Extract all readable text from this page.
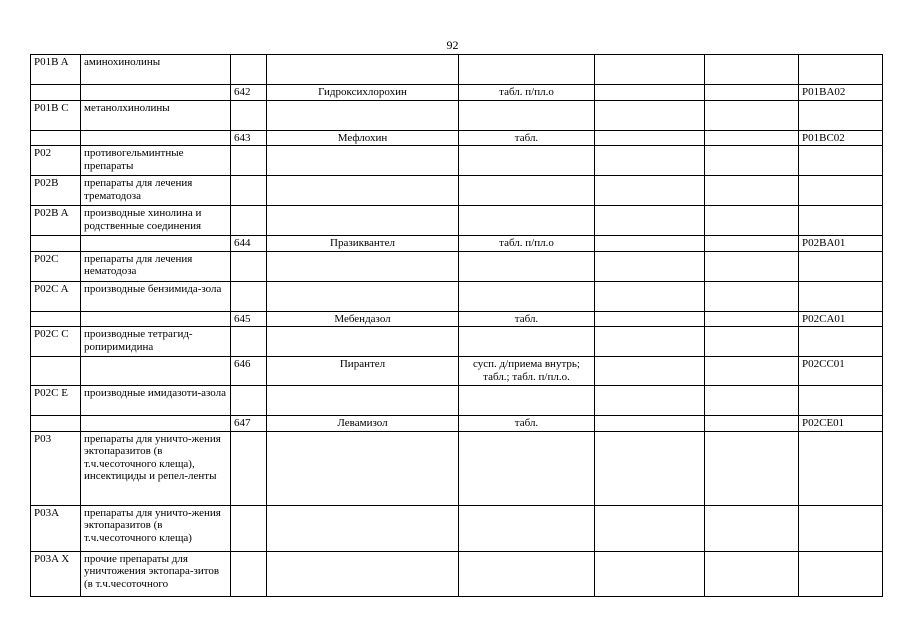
92
P01B A	аминохинолины						
		642	Гидроксихлорохин	табл. п/пл.о			P01BA02
P01B C	метанолхинолины						
		643	Мефлохин	табл.			P01BC02
P02	противогельминтные препараты						
P02B	препараты для лечения трематодоза						
P02B A	производные хинолина и родственные соединения						
		644	Празиквантел	табл. п/пл.о			P02BA01
P02C	препараты для лечения нематодоза						
P02C A	производные бензимида-зола						
		645	Мебендазол	табл.			P02CA01
P02C C	производные тетрагид-ропиримидина						
		646	Пирантел	сусп. д/приема внутрь; табл.; табл. п/пл.о.			P02CC01
P02C E	производные имидазоти-азола						
		647	Левамизол	табл.			P02CE01
P03	препараты для уничто-жения эктопаразитов (в т.ч.чесоточного клеща), инсектициды и репел-ленты						
P03A	препараты для уничто-жения эктопаразитов (в т.ч.чесоточного клеща)						
P03A X	прочие препараты для уничтожения эктопара-зитов (в т.ч.чесоточного						
